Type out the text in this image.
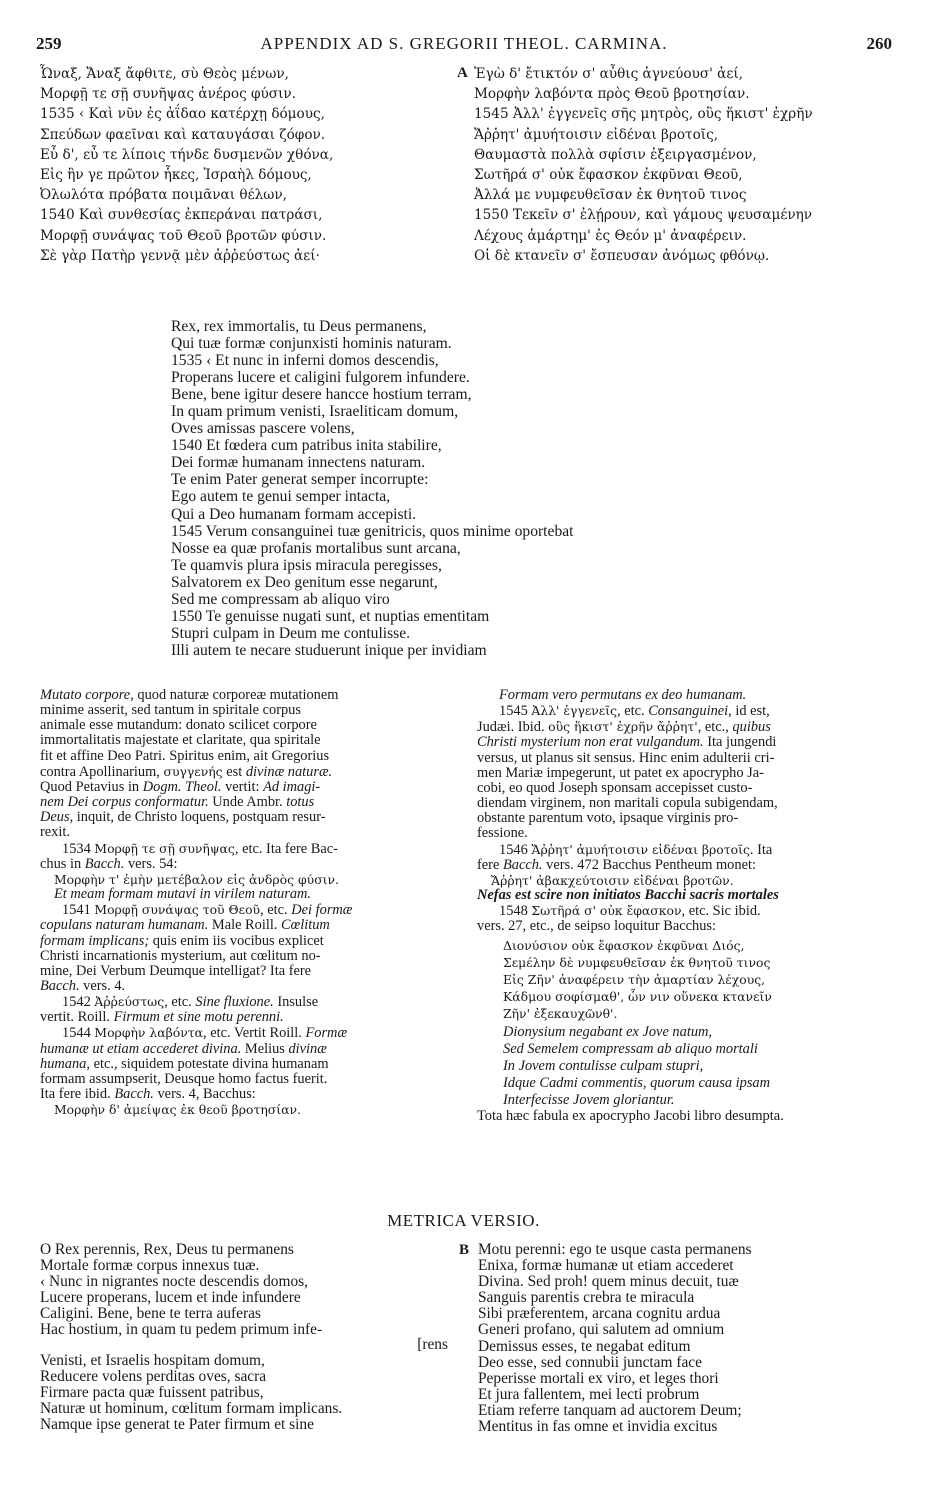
259	APPENDIX AD S. GREGORII THEOL. CARMINA.	260
Ὦναξ, Ἄναξ ἄφθιτε, σὺ Θεὸς μένων,
Μορφῇ τε σῇ συνῆψας ἀνέρος φύσιν.
1535 ‹ Καὶ νῦν ἐς ἀΐδαο κατέρχῃ δόμους,
Σπεύδων φαεῖναι καὶ καταυγάσαι ζόφον.
Εὖ δ', εὖ τε λίποις τήνδε δυσμενῶν χθόνα,
Εἰς ἣν γε πρῶτον ἧκες, Ἰσραὴλ δόμους,
Ὀλωλότα πρόβατα ποιμᾶναι θέλων,
1540 Καὶ συνθεσίας ἐκπεράναι πατράσι,
Μορφῇ συνάψας τοῦ Θεοῦ βροτῶν φύσιν.
Σὲ γὰρ Πατὴρ γεννᾷ μὲν ἀῤῥεύστως ἀεί·
A Ἐγὼ δ' ἔτικτόν σ' αὖθις ἁγνεύουσ' ἀεί,
Μορφὴν λαβόντα πρὸς Θεοῦ βροτησίαν.
1545 Ἀλλ' ἐγγενεῖς σῆς μητρὸς, οὓς ἥκιστ' ἐχρῆν
Ἄῤῥητ' ἀμυήτοισιν εἰδέναι βροτοῖς,
Θαυμαστὰ πολλὰ σφίσιν ἐξειργασμένον,
Σωτῆρά σ' οὐκ ἔφασκον ἐκφῦναι Θεοῦ,
Ἀλλά με νυμφευθεῖσαν ἐκ θνητοῦ τινος
1550 Τεκεῖν σ' ἐλῄρουν, καὶ γάμους ψευσαμένην
Λέχους ἁμάρτημ' ἐς Θεόν μ' ἀναφέρειν.
Οἱ δὲ κτανεῖν σ' ἔσπευσαν ἀνόμως φθόνῳ.
Rex, rex immortalis, tu Deus permanens,
Qui tuæ formæ conjunxisti hominis naturam.
1535 ‹ Et nunc in inferni domos descendis,
Properans lucere et caligini fulgorem infundere.
Bene, bene igitur desere hancce hostium terram,
In quam primum venisti, Israeliticam domum,
Oves amissas pascere volens,
1540 Et fœdera cum patribus inita stabilire,
Dei formæ humanam innectens naturam.
Te enim Pater generat semper incorrupte:
Ego autem te genui semper intacta,
Qui a Deo humanam formam accepisti.
1545 Verum consanguinei tuæ genitricis, quos minime oportebat
Nosse ea quæ profanis mortalibus sunt arcana,
Te quamvis plura ipsis miracula peregisses,
Salvatorem ex Deo genitum esse negarunt,
Sed me compressam ab aliquo viro
1550 Te genuisse nugati sunt, et nuptias ementitam
Stupri culpam in Deum me contulisse.
Illi autem te necare studuerunt inique per invidiam
Mutato corpore, quod naturæ corporeæ mutationem
minime asserit, sed tantum in spiritale corpus
animale esse mutandum: donato scilicet corpore
immortalitatis majestate et claritate, qua spiritale
fit et affine Deo Patri. Spiritus enim, ait Gregorius
contra Apollinarium, συγγενής est divinæ naturæ.
Quod Petavius in Dogm. Theol. vertit: Ad imagi-
nem Dei corpus conformatur. Unde Ambr. totus
Deus, inquit, de Christo loquens, postquam resur-
rexit.
1534 Μορφῇ τε σῇ συνῆψας, etc. Ita fere Bac-
chus in Bacch. vers. 54:
Μορφὴν τ' ἐμὴν μετέβαλον εἰς ἀνδρὸς φύσιν.
Et meam formam mutavi in virilem naturam.
1541 Μορφῇ συνάψας τοῦ Θεοῦ, etc. Dei formæ
copulans naturam humanam. Male Roill. Cœlitum
formam implicans; quis enim iis vocibus explicet
Christi incarnationis mysterium, aut cœlitum no-
mine, Dei Verbum Deumque intelligat? Ita fere
Bacch. vers. 4.
1542 Ἀῤῥεύστως, etc. Sine fluxione. Insulse
vertit. Roill. Firmum et sine motu perenni.
1544 Μορφὴν λαβόντα, etc. Vertit Roill. Formæ
humanæ ut etiam accederet divina. Melius divinæ
humana, etc., siquidem potestate divina humanam
formam assumpserit, Deusque homo factus fuerit.
Ita fere ibid. Bacch. vers. 4, Bacchus:
Μορφὴν δ' ἀμείψας ἐκ θεοῦ βροτησίαν.
Formam vero permutans ex deo humanam.
1545 Ἀλλ' ἐγγενεῖς, etc. Consanguinei, id est,
Judæi. Ibid. οὓς ἥκιστ' ἐχρῆν ἄῤῥητ', etc., quibus
Christi mysterium non erat vulgandum. Ita jungendi
versus, ut planus sit sensus. Hinc enim adulterii cri-
men Mariæ impegerunt, ut patet ex apocrypho Ja-
cobi, eo quod Joseph sponsam accepisset custo-
diendam virginem, non maritali copula subigendam,
obstante parentum voto, ipsaque virginis pro-
fessione.
1546 Ἄῤῥητ' ἀμυήτοισιν εἰδέναι βροτοῖς. Ita
fere Bacch. vers. 472 Bacchus Pentheum monet:
Ἄῤῥητ' ἀβακχεύτοισιν εἰδέναι βροτῶν.
Nefas est scire non initiatos Bacchi sacris mortales
1548 Σωτῆρά σ' οὐκ ἔφασκον, etc. Sic ibid.
vers. 27, etc., de seipso loquitur Bacchus:
Διονύσιον οὐκ ἔφασκον ἐκφῦναι Διός,
Σεμέλην δὲ νυμφευθεῖσαν ἐκ θνητοῦ τινος
Εἰς Ζῆν' ἀναφέρειν τὴν ἁμαρτίαν λέχους,
Κάδμου σοφίσμαθ', ὧν νιν οὕνεκα κτανεῖν
Ζῆν' ἐξεκαυχῶνθ'.
Dionysium negabant ex Jove natum,
Sed Semelem compressam ab aliquo mortali
In Jovem contulisse culpam stupri,
Idque Cadmi commentis, quorum causa ipsam
Interfecisse Jovem gloriantur.
Tota hæc fabula ex apocrypho Jacobi libro desumpta.
METRICA VERSIO.
O Rex perennis, Rex, Deus tu permanens
Mortale formæ corpus innexus tuæ.
‹ Nunc in nigrantes nocte descendis domos,
Lucere properans, lucem et inde infundere
Caligini. Bene, bene te terra auferas
Hac hostium, in quam tu pedem primum infe-
[rens
Venisti, et Israelis hospitam domum,
Reducere volens perditas oves, sacra
Firmare pacta quæ fuissent patribus,
Naturæ ut hominum, cœlitum formam implicans.
Namque ipse generat te Pater firmum et sine
B Motu perenni: ego te usque casta permanens
Enixa, formæ humanæ ut etiam accederet
Divina. Sed proh! quem minus decuit, tuæ
Sanguis parentis crebra te miracula
Sibi præferentem, arcana cognitu ardua
Generi profano, qui salutem ad omnium
Demissus esses, te negabat editum
Deo esse, sed connubii junctam face
Peperisse mortali ex viro, et leges thori
Et jura fallentem, mei lecti probrum
Etiam referre tanquam ad auctorem Deum;
Mentitus in fas omne et invidia excitus
